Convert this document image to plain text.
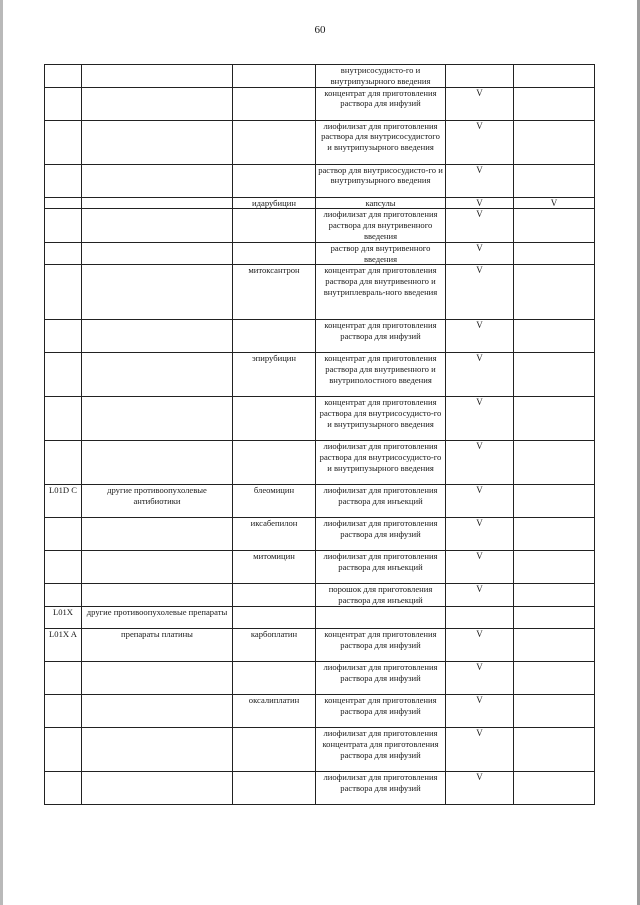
60
			внутрисосудисто-го и внутрипузырного введения		
			концентрат для приготовления раствора для инфузий	V	
			лиофилизат для приготовления раствора для внутрисосудистого и внутрипузырного введения	V	
			раствор для внутрисосудисто-го и внутрипузырного введения	V	
		идарубицин	капсулы	V	V
			лиофилизат для приготовления раствора для внутривенного введения	V	
			раствор для внутривенного введения	V	
		митоксантрон	концентрат для приготовления раствора для внутривенного и внутриплевраль-ного введения	V	
			концентрат для приготовления раствора для инфузий	V	
		эпирубицин	концентрат для приготовления раствора для внутривенного и внутриполостного введения	V	
			концентрат для приготовления раствора для внутрисосудисто-го и внутрипузырного введения	V	
			лиофилизат для приготовления раствора для внутрисосудисто-го и внутрипузырного введения	V	
L01D C	другие противоопухолевые антибиотики	блеомицин	лиофилизат для приготовления раствора для инъекций	V	
		иксабепилон	лиофилизат для приготовления раствора для инфузий	V	
		митомицин	лиофилизат для приготовления раствора для инъекций	V	
			порошок для приготовления раствора для инъекций	V	
L01X	другие противоопухолевые препараты				
L01X A	препараты платины	карбоплатин	концентрат для приготовления раствора для инфузий	V	
			лиофилизат для приготовления раствора для инфузий	V	
		оксалиплатин	концентрат для приготовления раствора для инфузий	V	
			лиофилизат для приготовления концентрата для приготовления раствора для инфузий	V	
			лиофилизат для приготовления раствора для инфузий	V	
